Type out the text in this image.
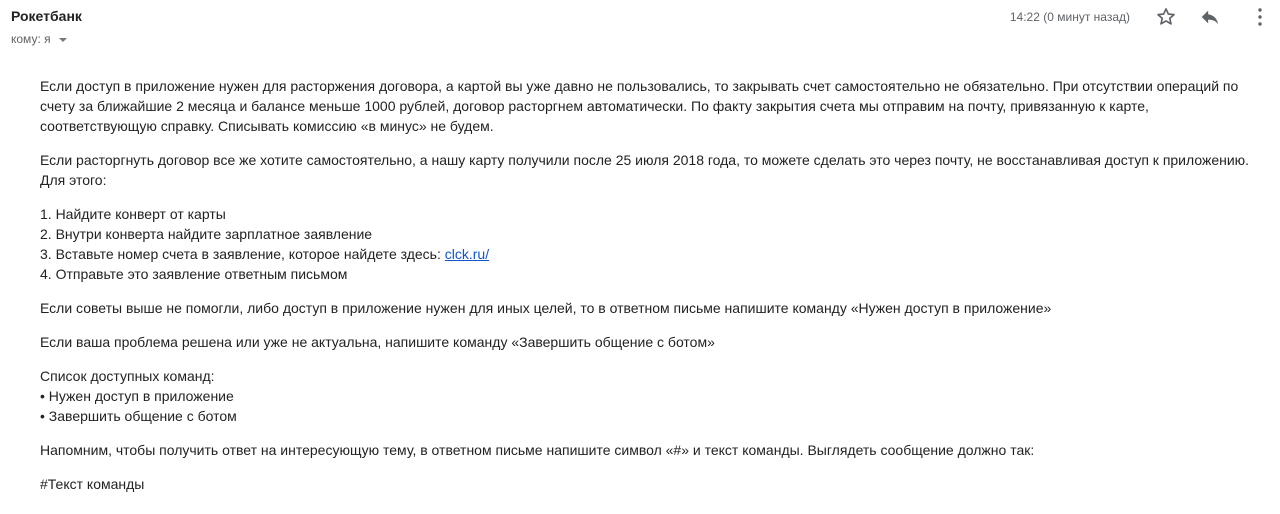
Рокетбанк
кому: я
14:22 (0 минут назад)

Если доступ в приложение нужен для расторжения договора, а картой вы уже давно не пользовались, то закрывать счет самостоятельно не обязательно. При отсутствии операций по счету за ближайшие 2 месяца и балансе меньше 1000 рублей, договор расторгнем автоматически. По факту закрытия счета мы отправим на почту, привязанную к карте, соответствующую справку. Списывать комиссию «в минус» не будем.

Если расторгнуть договор все же хотите самостоятельно, а нашу карту получили после 25 июля 2018 года, то можете сделать это через почту, не восстанавливая доступ к приложению. Для этого:

1. Найдите конверт от карты
2. Внутри конверта найдите зарплатное заявление
3. Вставьте номер счета в заявление, которое найдете здесь: clck.ru/
4. Отправьте это заявление ответным письмом

Если советы выше не помогли, либо доступ в приложение нужен для иных целей, то в ответном письме напишите команду «Нужен доступ в приложение»

Если ваша проблема решена или уже не актуальна, напишите команду «Завершить общение с ботом»

Список доступных команд:
• Нужен доступ в приложение
• Завершить общение с ботом

Напомним, чтобы получить ответ на интересующую тему, в ответном письме напишите символ «#» и текст команды. Выглядеть сообщение должно так:

#Текст команды
